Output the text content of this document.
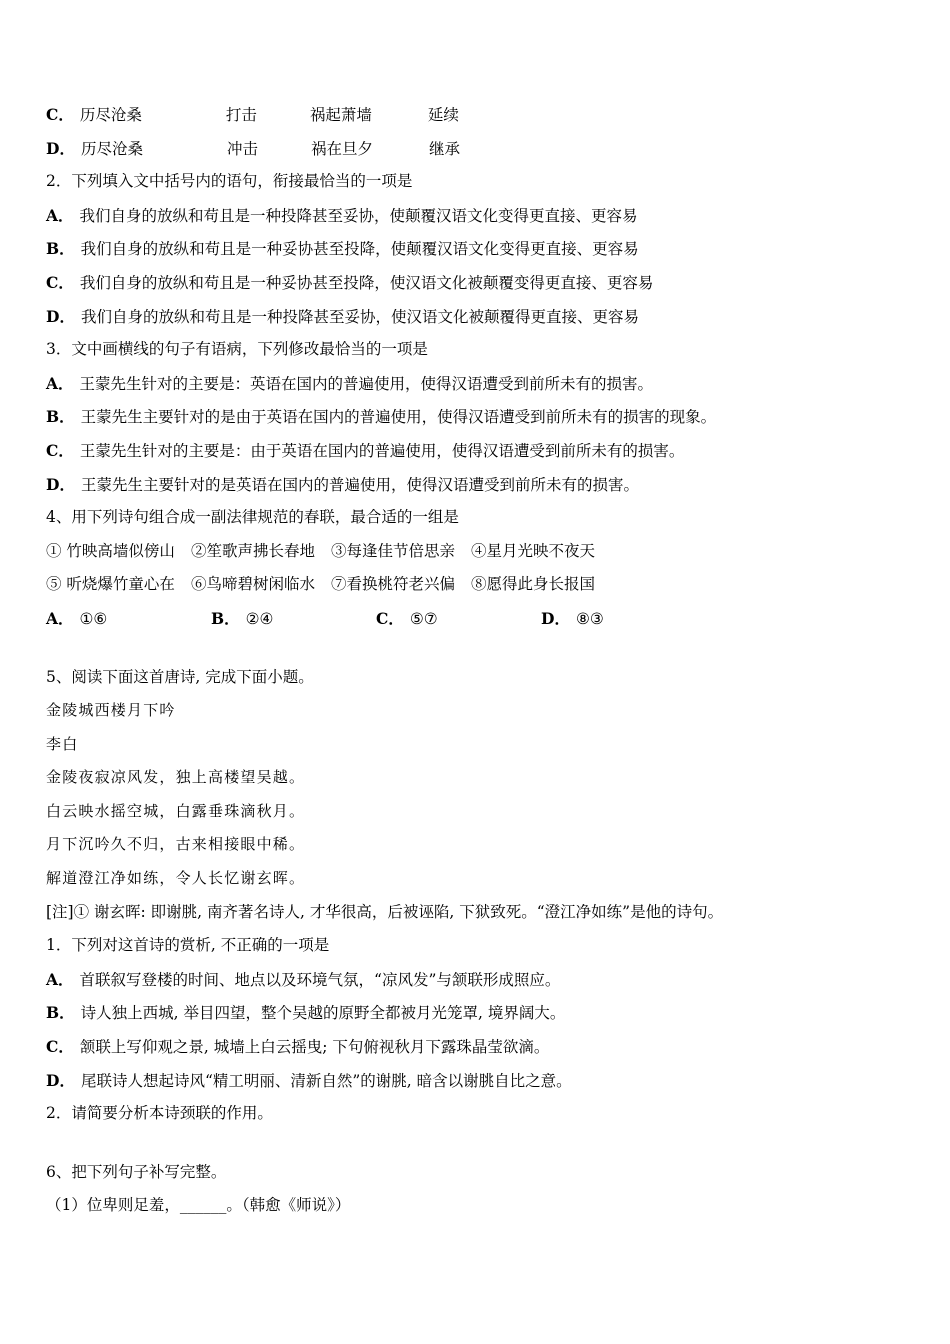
C． 历尽沧桑	打击	祸起萧墙	延续
D． 历尽沧桑	冲击	祸在旦夕	继承
2．下列填入文中括号内的语句，衔接最恰当的一项是
A． 我们自身的放纵和苟且是一种投降甚至妥协，使颠覆汉语文化变得更直接、更容易
B． 我们自身的放纵和苟且是一种妥协甚至投降，使颠覆汉语文化变得更直接、更容易
C． 我们自身的放纵和苟且是一种妥协甚至投降，使汉语文化被颠覆变得更直接、更容易
D． 我们自身的放纵和苟且是一种投降甚至妥协，使汉语文化被颠覆得更直接、更容易
3．文中画横线的句子有语病，下列修改最恰当的一项是
A． 王蒙先生针对的主要是：英语在国内的普遍使用，使得汉语遭受到前所未有的损害。
B． 王蒙先生主要针对的是由于英语在国内的普遍使用，使得汉语遭受到前所未有的损害的现象。
C． 王蒙先生针对的主要是：由于英语在国内的普遍使用，使得汉语遭受到前所未有的损害。
D． 王蒙先生主要针对的是英语在国内的普遍使用，使得汉语遭受到前所未有的损害。
4、用下列诗句组合成一副法律规范的春联，最合适的一组是
① 竹映高墙似傍山 ②笙歌声拂长春地 ③每逢佳节倍思亲 ④星月光映不夜天
⑤ 听烧爆竹童心在 ⑥鸟啼碧树闲临水 ⑦看换桃符老兴偏 ⑧愿得此身长报国
A． ①⑥	B． ②④	C． ⑤⑦	D． ⑧③
5、阅读下面这首唐诗, 完成下面小题。
金陵城西楼月下吟
李白
金陵夜寂凉风发，独上高楼望吴越。
白云映水摇空城，白露垂珠滴秋月。
月下沉吟久不归，古来相接眼中稀。
解道澄江净如练，令人长忆谢玄晖。
[注]① 谢玄晖: 即谢朓, 南齐著名诗人, 才华很高，后被诬陷, 下狱致死。“澄江净如练”是他的诗句。
1．下列对这首诗的赏析, 不正确的一项是
A． 首联叙写登楼的时间、地点以及环境气氛，“凉风发”与颔联形成照应。
B． 诗人独上西城, 举目四望，整个吴越的原野全都被月光笼罩, 境界阔大。
C． 颔联上写仰观之景, 城墙上白云摇曳; 下句俯视秋月下露珠晶莹欲滴。
D． 尾联诗人想起诗风“精工明丽、清新自然”的谢朓, 暗含以谢朓自比之意。
2．请简要分析本诗颈联的作用。
6、把下列句子补写完整。
（1）位卑则足羞，______。（韩愈《师说》）
